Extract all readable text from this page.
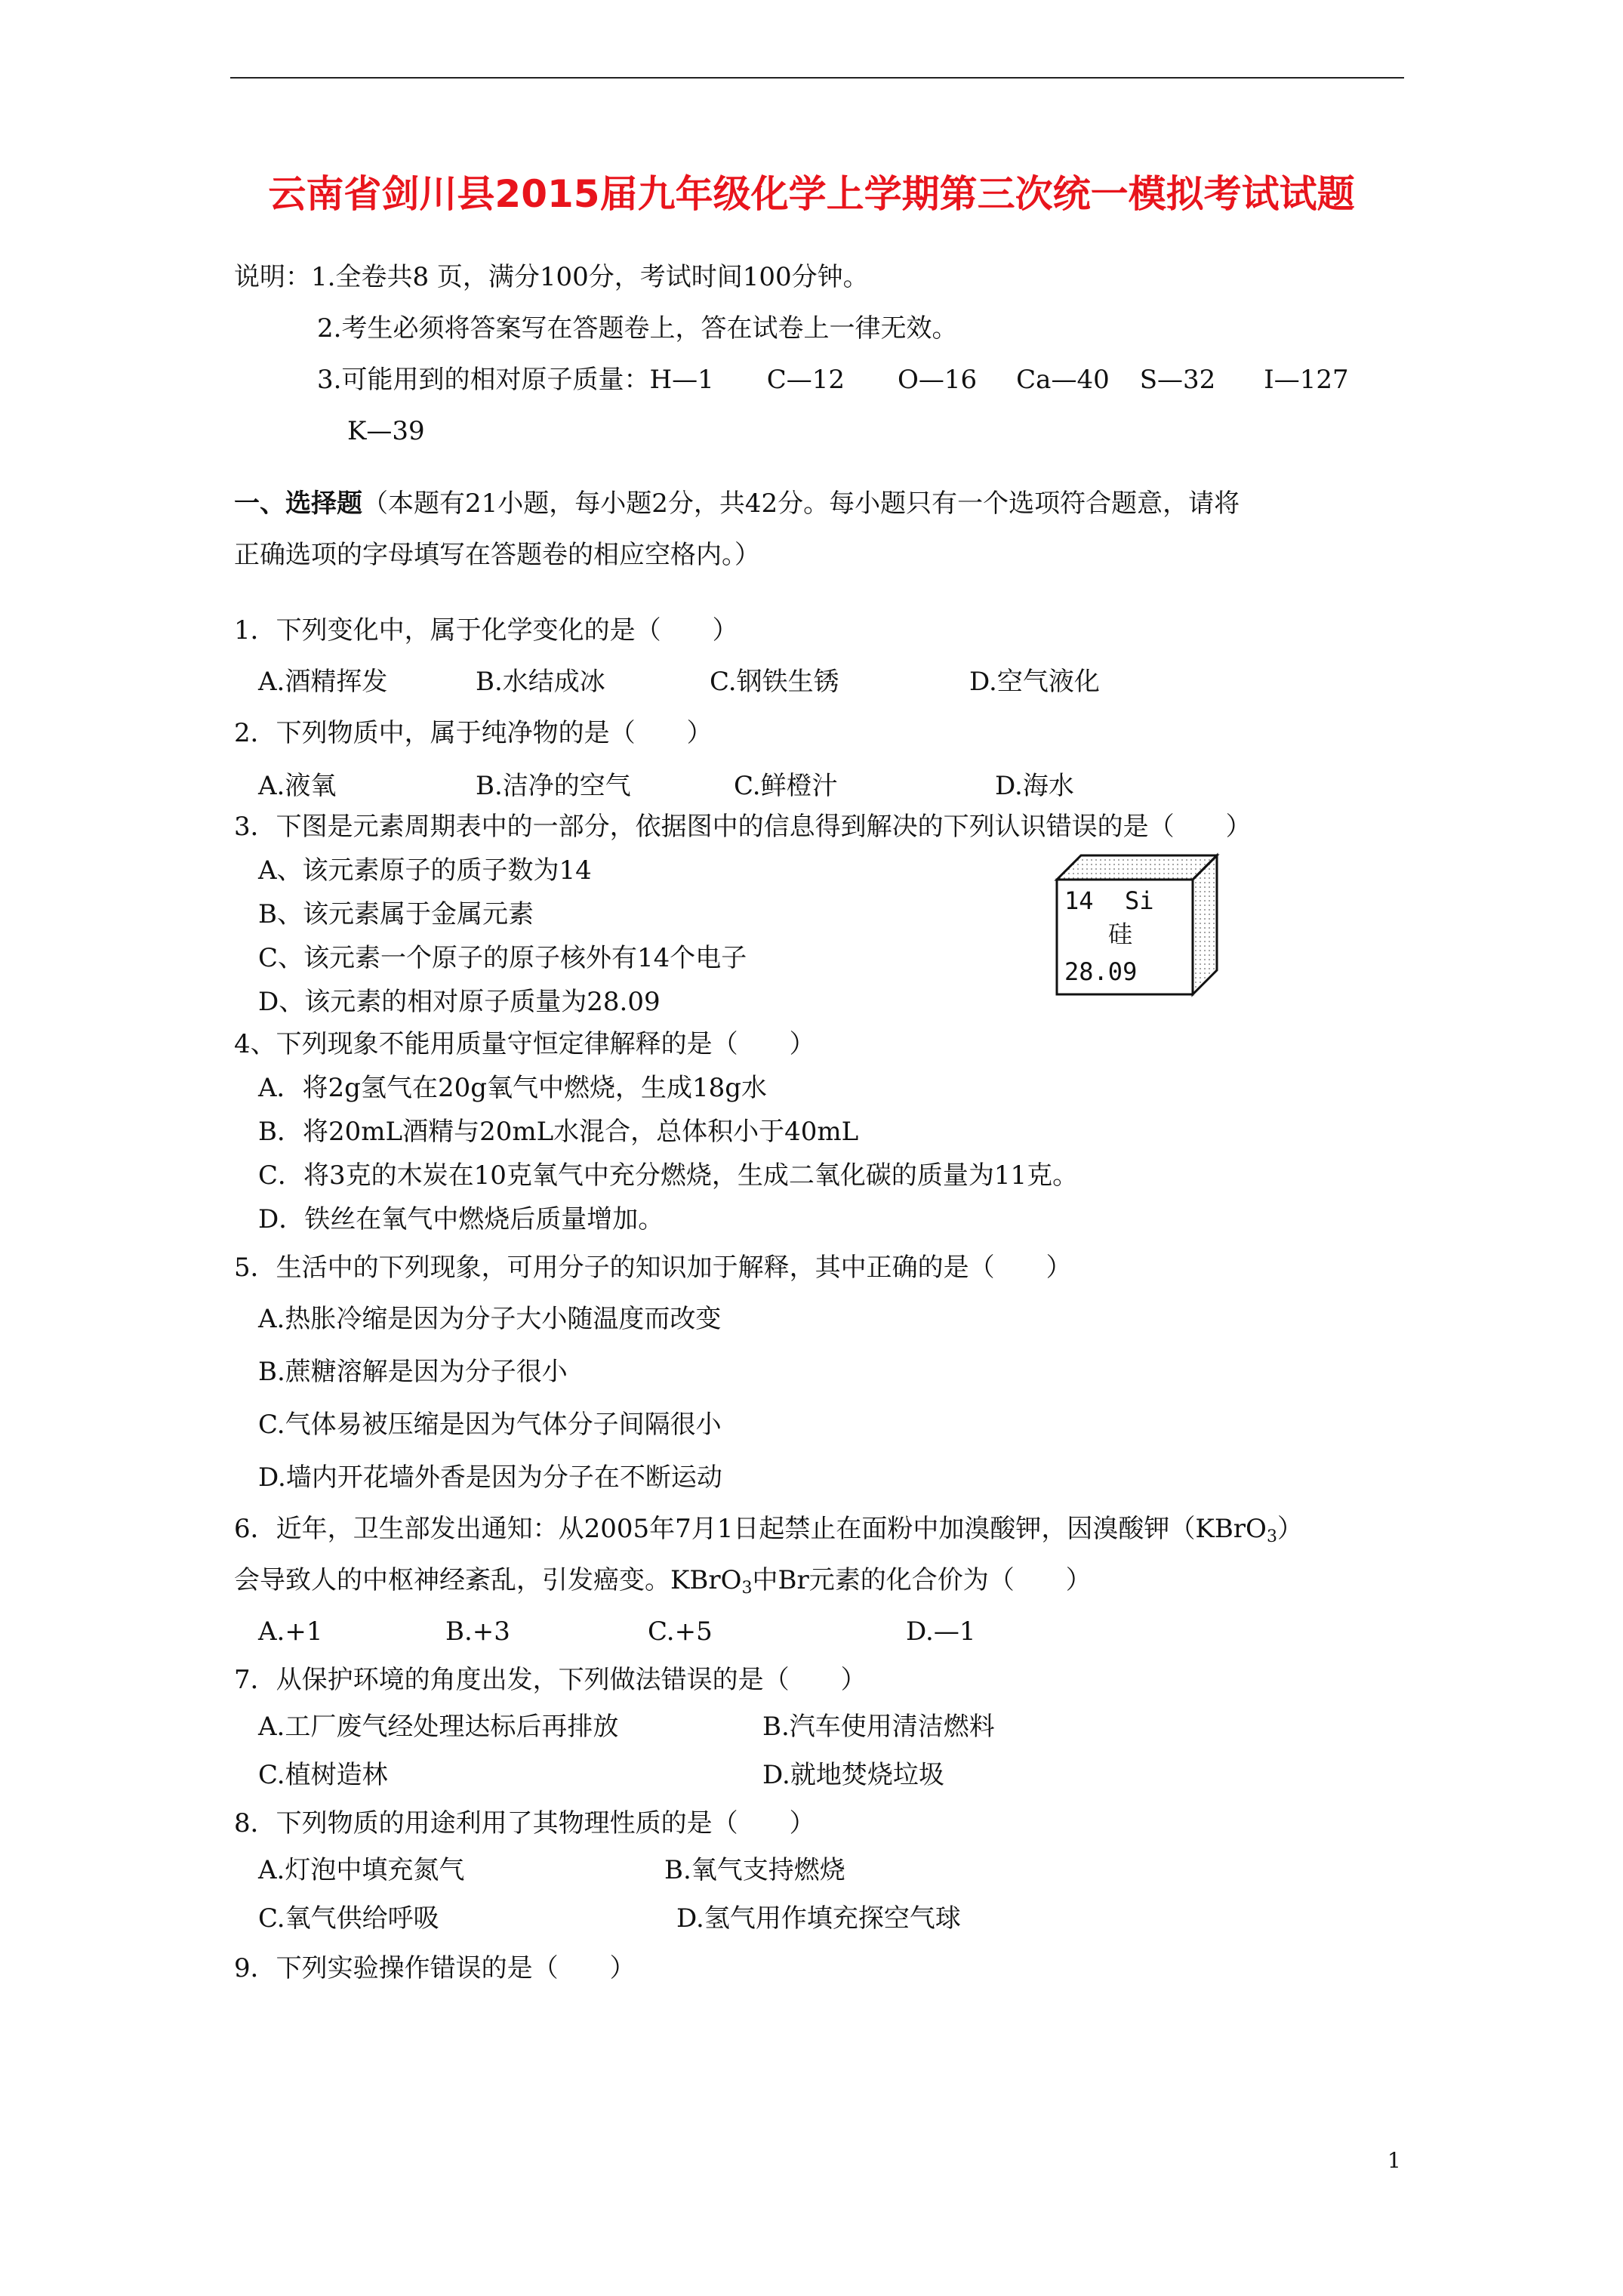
云南省剑川县2015届九年级化学上学期第三次统一模拟考试试题
说明：1.全卷共8 页，满分100分，考试时间100分钟。
2.考生必须将答案写在答题卷上，答在试卷上一律无效。
3.可能用到的相对原子质量：H—1 C—12 O—16 Ca—40 S—32 I—127
K—39
一、选择题（本题有21小题，每小题2分，共42分。每小题只有一个选项符合题意，请将
正确选项的字母填写在答题卷的相应空格内。）
1．下列变化中，属于化学变化的是（　　）
A.酒精挥发	B.水结成冰	C.钢铁生锈	D.空气液化
2．下列物质中，属于纯净物的是（　　）
A.液氧	B.洁净的空气	C.鲜橙汁	D.海水
3．下图是元素周期表中的一部分，依据图中的信息得到解决的下列认识错误的是（　　）
A、该元素原子的质子数为14
B、该元素属于金属元素
C、该元素一个原子的原子核外有14个电子
D、该元素的相对原子质量为28.09
14 Si
硅
28.09
4、下列现象不能用质量守恒定律解释的是（　　）
A．将2g氢气在20g氧气中燃烧，生成18g水
B．将20mL酒精与20mL水混合，总体积小于40mL
C．将3克的木炭在10克氧气中充分燃烧，生成二氧化碳的质量为11克。
D．铁丝在氧气中燃烧后质量增加。
5．生活中的下列现象，可用分子的知识加于解释，其中正确的是（　　）
A.热胀冷缩是因为分子大小随温度而改变
B.蔗糖溶解是因为分子很小
C.气体易被压缩是因为气体分子间隔很小
D.墙内开花墙外香是因为分子在不断运动
6．近年，卫生部发出通知：从2005年7月1日起禁止在面粉中加溴酸钾，因溴酸钾（KBrO$_3$）
会导致人的中枢神经紊乱，引发癌变。KBrO$_3$中Br元素的化合价为（　　）
A.+1	B.+3	C.+5	D.—1
7．从保护环境的角度出发，下列做法错误的是（　　）
A.工厂废气经处理达标后再排放	B.汽车使用清洁燃料
C.植树造林	D.就地焚烧垃圾
8．下列物质的用途利用了其物理性质的是（　　）
A.灯泡中填充氮气	B.氧气支持燃烧
C.氧气供给呼吸	D.氢气用作填充探空气球
9．下列实验操作错误的是（　　）
1
